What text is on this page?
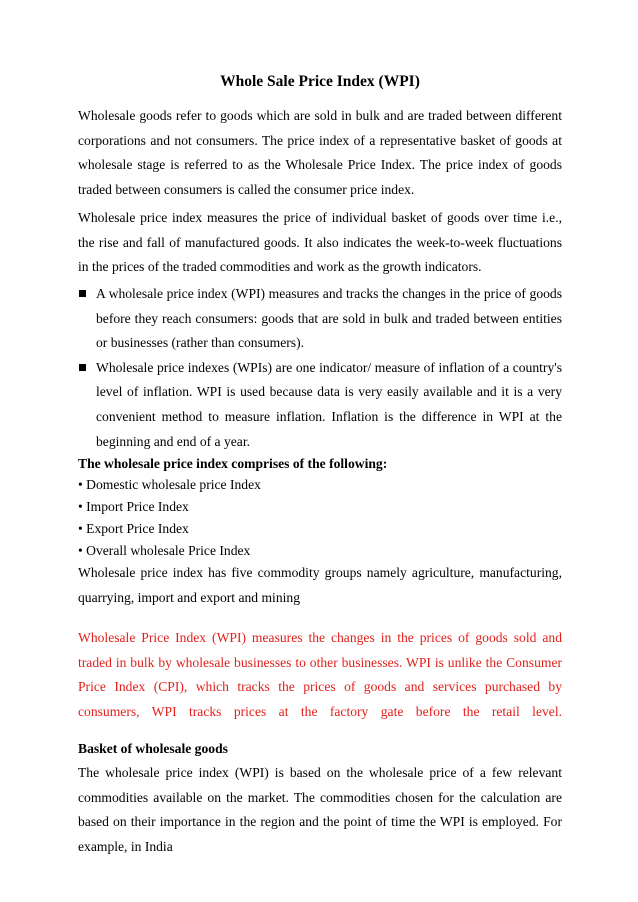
Whole Sale Price Index (WPI)

Wholesale goods refer to goods which are sold in bulk and are traded between different corporations and not consumers. The price index of a representative basket of goods at wholesale stage is referred to as the Wholesale Price Index. The price index of goods traded between consumers is called the consumer price index.

Wholesale price index measures the price of individual basket of goods over time i.e., the rise and fall of manufactured goods. It also indicates the week-to-week fluctuations in the prices of the traded commodities and work as the growth indicators.

A wholesale price index (WPI) measures and tracks the changes in the price of goods before they reach consumers: goods that are sold in bulk and traded between entities or businesses (rather than consumers).
Wholesale price indexes (WPIs) are one indicator/ measure of inflation of a country's level of inflation. WPI is used because data is very easily available and it is a very convenient method to measure inflation. Inflation is the difference in WPI at the beginning and end of a year.

The wholesale price index comprises of the following:

• Domestic wholesale price Index
• Import Price Index
• Export Price Index
• Overall wholesale Price Index

Wholesale price index has five commodity groups namely agriculture, manufacturing, quarrying, import and export and mining

Wholesale Price Index (WPI) measures the changes in the prices of goods sold and traded in bulk by wholesale businesses to other businesses. WPI is unlike the Consumer Price Index (CPI), which tracks the prices of goods and services purchased by consumers, WPI tracks prices at the factory gate before the retail level.

Basket of wholesale goods

The wholesale price index (WPI) is based on the wholesale price of a few relevant commodities available on the market. The commodities chosen for the calculation are based on their importance in the region and the point of time the WPI is employed. For example, in India
